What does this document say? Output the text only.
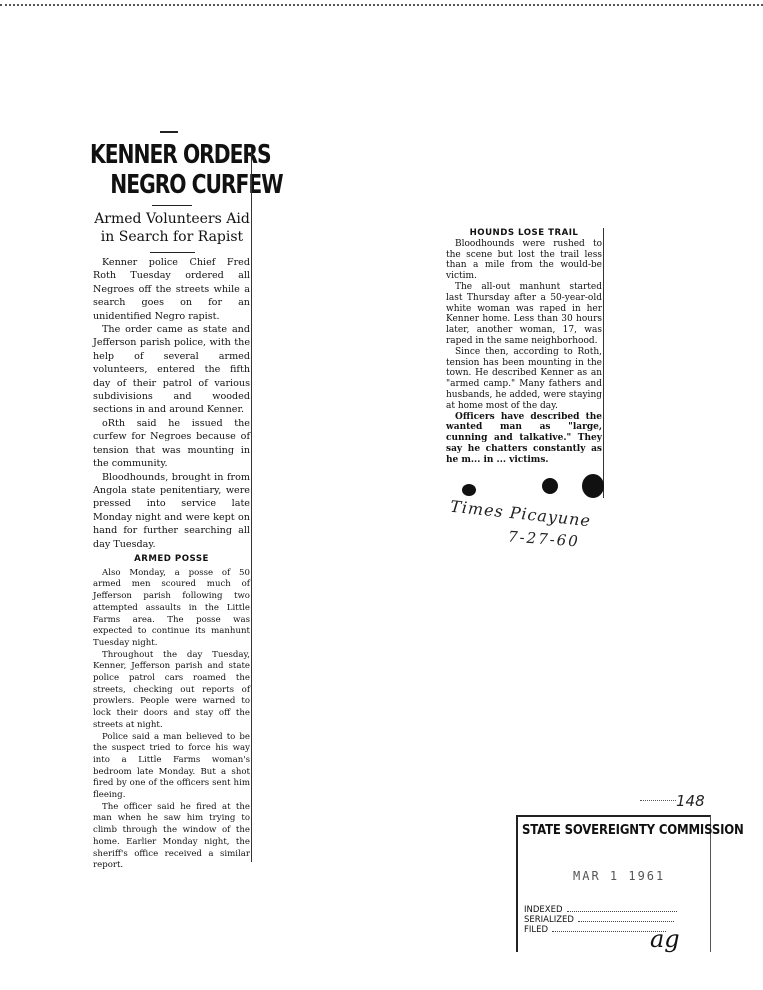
KENNER ORDERS
NEGRO CURFEW
Armed Volunteers Aid in Search for Rapist

Kenner police Chief Fred Roth Tuesday ordered all Negroes off the streets while a search goes on for an unidentified Negro rapist.

The order came as state and Jefferson parish police, with the help of several armed volunteers, entered the fifth day of their patrol of various subdivisions and wooded sections in and around Kenner.

oRth said he issued the curfew for Negroes because of tension that was mounting in the community.

Bloodhounds, brought in from Angola state penitentiary, were pressed into service late Monday night and were kept on hand for further searching all day Tuesday.

ARMED POSSE

Also Monday, a posse of 50 armed men scoured much of Jefferson parish following two attempted assaults in the Little Farms area. The posse was expected to continue its manhunt Tuesday night.

Throughout the day Tuesday, Kenner, Jefferson parish and state police patrol cars roamed the streets, checking out reports of prowlers. People were warned to lock their doors and stay off the streets at night.

Police said a man believed to be the suspect tried to force his way into a Little Farms woman's bedroom late Monday. But a shot fired by one of the officers sent him fleeing.

The officer said he fired at the man when he saw him trying to climb through the window of the home. Earlier Monday night, the sheriff's office received a similar report.

HOUNDS LOSE TRAIL

Bloodhounds were rushed to the scene but lost the trail less than a mile from the would-be victim.

The all-out manhunt started last Thursday after a 50-year-old white woman was raped in her Kenner home. Less than 30 hours later, another woman, 17, was raped in the same neighborhood.

Since then, according to Roth, tension has been mounting in the town. He described Kenner as an "armed camp." Many fathers and husbands, he added, were staying at home most of the day.

Officers have described the wanted man as "large, cunning and talkative." They say he chatters constantly as he m... in ... victims.

Times Picayune
7-27-60
148
STATE SOVEREIGNTY COMMISSION
MAR 1 1961
INDEXED
SERIALIZED
FILED	ag
